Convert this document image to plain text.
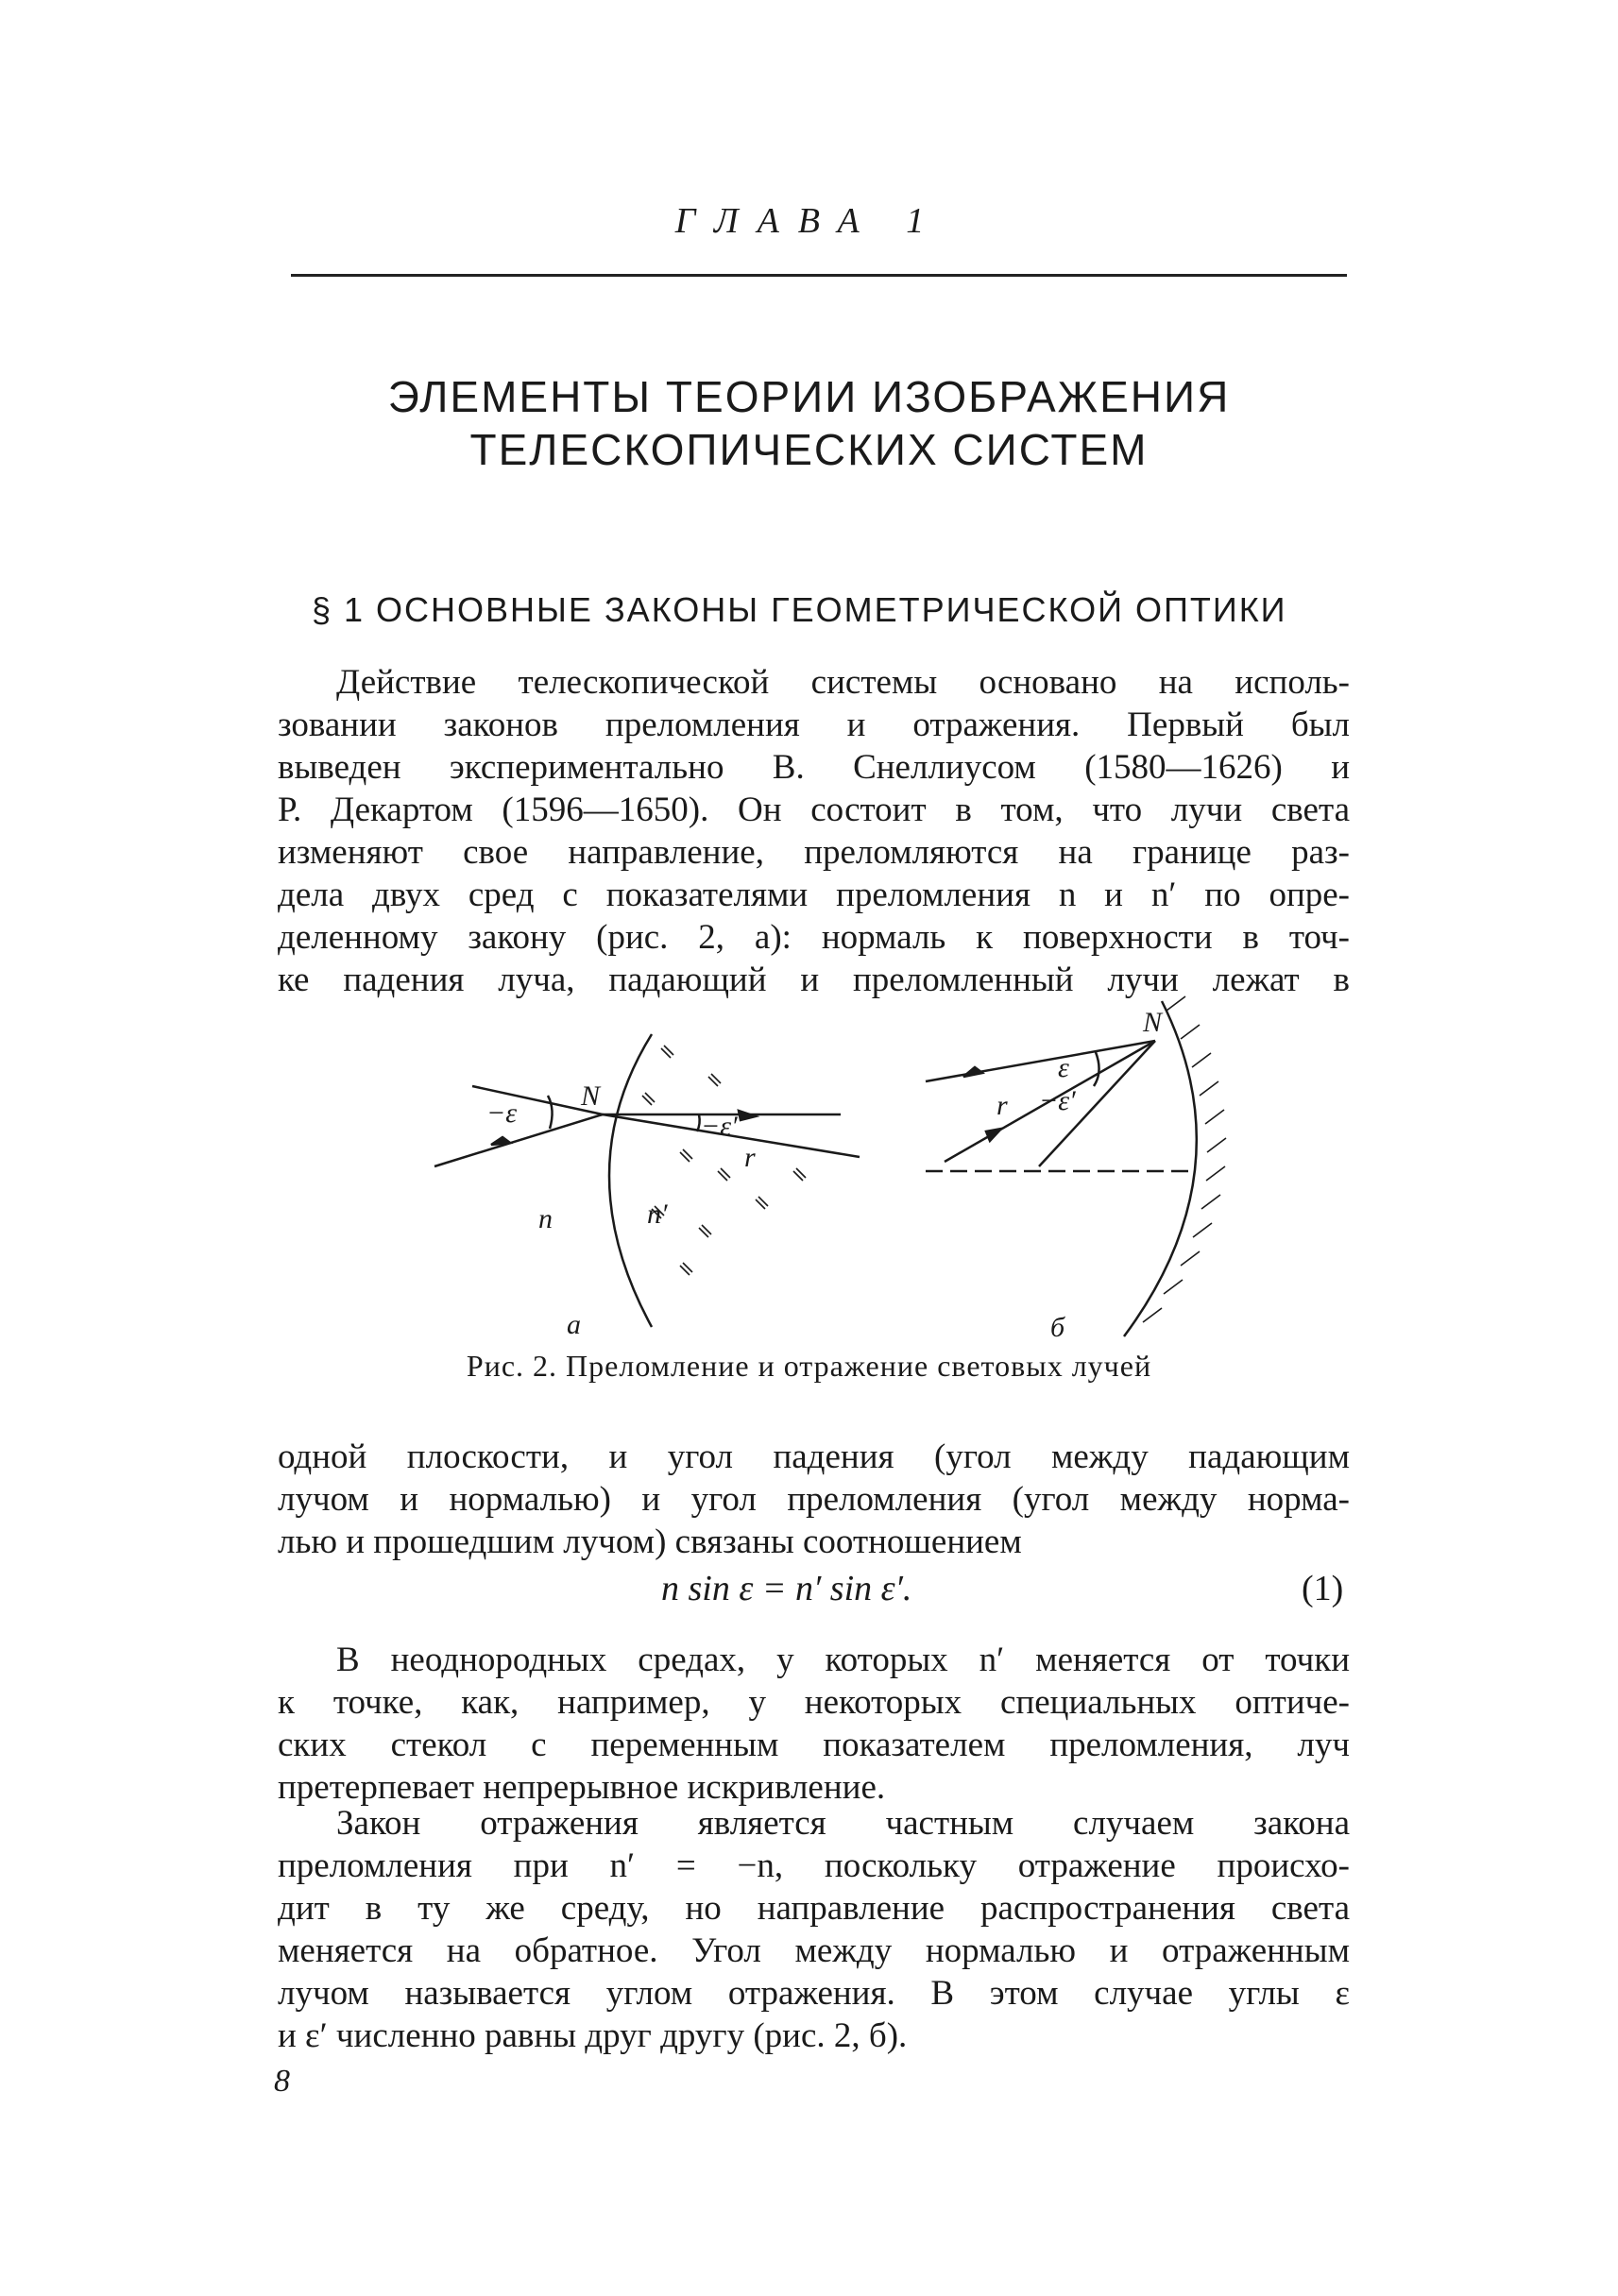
ГЛАВА 1
ЭЛЕМЕНТЫ ТЕОРИИ ИЗОБРАЖЕНИЯ
ТЕЛЕСКОПИЧЕСКИХ СИСТЕМ
§ 1 ОСНОВНЫЕ ЗАКОНЫ ГЕОМЕТРИЧЕСКОЙ ОПТИКИ
Действие телескопической системы основано на исполь-
зовании законов преломления и отражения. Первый был
выведен экспериментально В. Снеллиусом (1580—1626) и
Р. Декартом (1596—1650). Он состоит в том, что лучи света
изменяют свое направление, преломляются на границе раз-
дела двух сред с показателями преломления n и n′ по опре-
деленному закону (рис. 2, а): нормаль к поверхности в точ-
ке падения луча, падающий и преломленный лучи лежат в
N
−ε	−ε′
r
n	n′
а
N
ε
−ε′
r
б
Рис. 2. Преломление и отражение световых лучей
одной плоскости, и угол падения (угол между падающим
лучом и нормалью) и угол преломления (угол между норма-
лью и прошедшим лучом) связаны соотношением
n sin ε = n′ sin ε′.	(1)
В неоднородных средах, у которых n′ меняется от точки
к точке, как, например, у некоторых специальных оптиче-
ских стекол с переменным показателем преломления, луч
претерпевает непрерывное искривление.
Закон отражения является частным случаем закона
преломления при n′ = −n, поскольку отражение происхо-
дит в ту же среду, но направление распространения света
меняется на обратное. Угол между нормалью и отраженным
лучом называется углом отражения. В этом случае углы ε
и ε′ численно равны друг другу (рис. 2, б).
8
